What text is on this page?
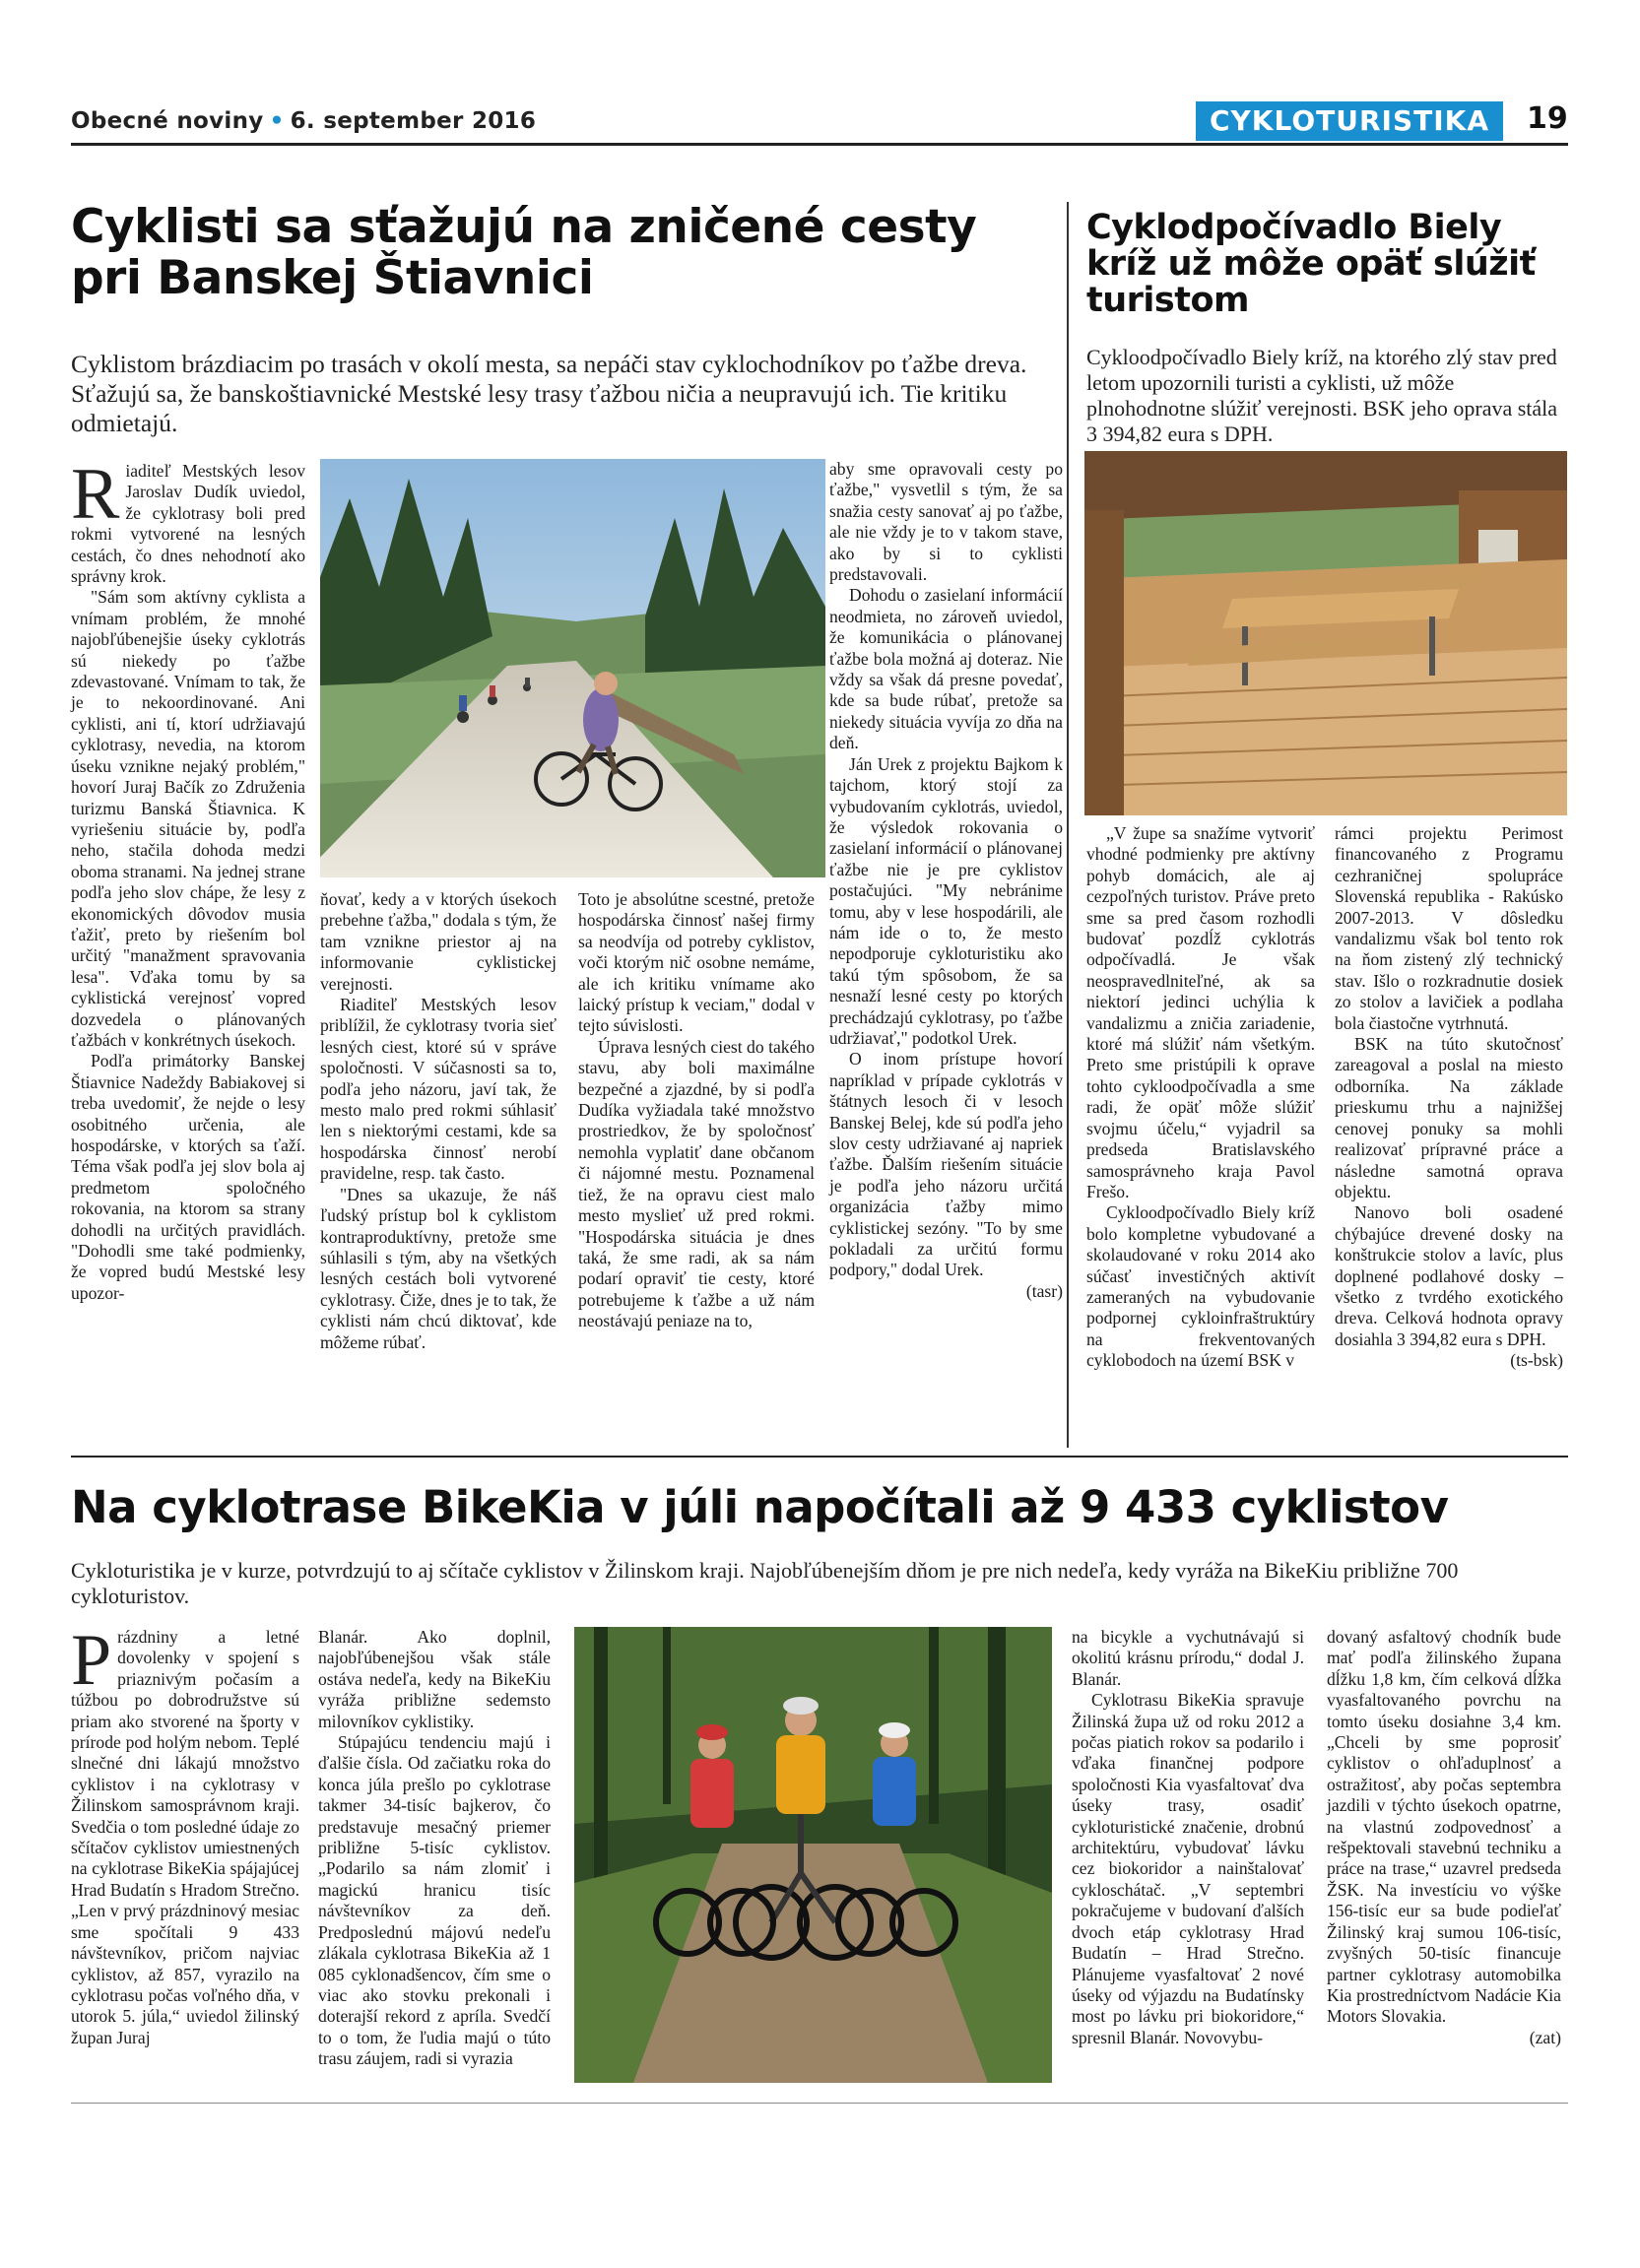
Obecné noviny • 6. september 2016	CYKLOTURISTIKA	19
Cyklisti sa sťažujú na zničené cesty
pri Banskej Štiavnici
Cyklistom brázdiacim po trasách v okolí mesta, sa nepáči stav cyklochodníkov po ťažbe dreva. Sťažujú sa, že banskoštiavnické Mestské lesy trasy ťažbou ničia a neupravujú ich. Tie kritiku odmietajú.

Riaditeľ Mestských lesov Jaroslav Dudík uviedol, že cyklotrasy boli pred rokmi vytvorené na lesných cestách, čo dnes nehodnotí ako správny krok.

"Sám som aktívny cyklista a vnímam problém, že mnohé najobľúbenejšie úseky cyklotrás sú niekedy po ťažbe zdevastované. Vnímam to tak, že je to nekoordinované. Ani cyklisti, ani tí, ktorí udržiavajú cyklotrasy, nevedia, na ktorom úseku vznikne nejaký problém," hovorí Juraj Bačík zo Združenia turizmu Banská Štiavnica. K vyriešeniu situácie by, podľa neho, stačila dohoda medzi oboma stranami. Na jednej strane podľa jeho slov chápe, že lesy z ekonomických dôvodov musia ťažiť, preto by riešením bol určitý "manažment spravovania lesa". Vďaka tomu by sa cyklistická verejnosť vopred dozvedela o plánovaných ťažbách v konkrétnych úsekoch.

Podľa primátorky Banskej Štiavnice Nadeždy Babiakovej si treba uvedomiť, že nejde o lesy osobitného určenia, ale hospodárske, v ktorých sa ťaží. Téma však podľa jej slov bola aj predmetom spoločného rokovania, na ktorom sa strany dohodli na určitých pravidlách. "Dohodli sme také podmienky, že vopred budú Mestské lesy upozor-

ňovať, kedy a v ktorých úsekoch prebehne ťažba," dodala s tým, že tam vznikne priestor aj na informovanie cyklistickej verejnosti.

Riaditeľ Mestských lesov priblížil, že cyklotrasy tvoria sieť lesných ciest, ktoré sú v správe spoločnosti. V súčasnosti sa to, podľa jeho názoru, javí tak, že mesto malo pred rokmi súhlasiť len s niektorými cestami, kde sa hospodárska činnosť nerobí pravidelne, resp. tak často.

"Dnes sa ukazuje, že náš ľudský prístup bol k cyklistom kontraproduktívny, pretože sme súhlasili s tým, aby na všetkých lesných cestách boli vytvorené cyklotrasy. Čiže, dnes je to tak, že cyklisti nám chcú diktovať, kde môžeme rúbať.

Toto je absolútne scestné, pretože hospodárska činnosť našej firmy sa neodvíja od potreby cyklistov, voči ktorým nič osobne nemáme, ale ich kritiku vnímame ako laický prístup k veciam," dodal v tejto súvislosti.

Úprava lesných ciest do takého stavu, aby boli maximálne bezpečné a zjazdné, by si podľa Dudíka vyžiadala také množstvo prostriedkov, že by spoločnosť nemohla vyplatiť dane občanom či nájomné mestu. Poznamenal tiež, že na opravu ciest malo mesto myslieť už pred rokmi. "Hospodárska situácia je dnes taká, že sme radi, ak sa nám podarí opraviť tie cesty, ktoré potrebujeme k ťažbe a už nám neostávajú peniaze na to,

aby sme opravovali cesty po ťažbe," vysvetlil s tým, že sa snažia cesty sanovať aj po ťažbe, ale nie vždy je to v takom stave, ako by si to cyklisti predstavovali.

Dohodu o zasielaní informácií neodmieta, no zároveň uviedol, že komunikácia o plánovanej ťažbe bola možná aj doteraz. Nie vždy sa však dá presne povedať, kde sa bude rúbať, pretože sa niekedy situácia vyvíja zo dňa na deň.

Ján Urek z projektu Bajkom k tajchom, ktorý stojí za vybudovaním cyklotrás, uviedol, že výsledok rokovania o zasielaní informácií o plánovanej ťažbe nie je pre cyklistov postačujúci. "My nebránime tomu, aby v lese hospodárili, ale nám ide o to, že mesto nepodporuje cykloturistiku ako takú tým spôsobom, že sa nesnaží lesné cesty po ktorých prechádzajú cyklotrasy, po ťažbe udržiavať," podotkol Urek.

O inom prístupe hovorí napríklad v prípade cyklotrás v štátnych lesoch či v lesoch Banskej Belej, kde sú podľa jeho slov cesty udržiavané aj napriek ťažbe. Ďalším riešením situácie je podľa jeho názoru určitá organizácia ťažby mimo cyklistickej sezóny. "To by sme pokladali za určitú formu podpory," dodal Urek.

(tasr)

Cyklodpočívadlo Biely
kríž už môže opäť slúžiť
turistom
Cykloodpočívadlo Biely kríž, na ktorého zlý stav pred letom upozornili turisti a cyklisti, už môže plnohodnotne slúžiť verejnosti. BSK jeho oprava stála 3 394,82 eura s DPH.

„V župe sa snažíme vytvoriť vhodné podmienky pre aktívny pohyb domácich, ale aj cezpoľných turistov. Práve preto sme sa pred časom rozhodli budovať pozdĺž cyklotrás odpočívadlá. Je však neospravedlniteľné, ak sa niektorí jedinci uchýlia k vandalizmu a zničia zariadenie, ktoré má slúžiť nám všetkým. Preto sme pristúpili k oprave tohto cykloodpočívadla a sme radi, že opäť môže slúžiť svojmu účelu,“ vyjadril sa predseda Bratislavského samosprávneho kraja Pavol Frešo.

Cykloodpočívadlo Biely kríž bolo kompletne vybudované a skolaudované v roku 2014 ako súčasť investičných aktivít zameraných na vybudovanie podpornej cykloinfraštruktúry na frekventovaných cyklobodoch na území BSK v

rámci projektu Perimost financovaného z Programu cezhraničnej spolupráce Slovenská republika - Rakúsko 2007-2013. V dôsledku vandalizmu však bol tento rok na ňom zistený zlý technický stav. Išlo o rozkradnutie dosiek zo stolov a lavičiek a podlaha bola čiastočne vytrhnutá.

BSK na túto skutočnosť zareagoval a poslal na miesto odborníka. Na základe prieskumu trhu a najnižšej cenovej ponuky sa mohli realizovať prípravné práce a následne samotná oprava objektu.

Nanovo boli osadené chýbajúce drevené dosky na konštrukcie stolov a lavíc, plus doplnené podlahové dosky – všetko z tvrdého exotického dreva. Celková hodnota opravy dosiahla 3 394,82 eura s DPH.

(ts-bsk)

Na cyklotrase BikeKia v júli napočítali až 9 433 cyklistov
Cykloturistika je v kurze, potvrdzujú to aj sčítače cyklistov v Žilinskom kraji. Najobľúbenejším dňom je pre nich nedeľa, kedy vyráža na BikeKiu približne 700 cykloturistov.

Prázdniny a letné dovolenky v spojení s priaznivým počasím a túžbou po dobrodružstve sú priam ako stvorené na športy v prírode pod holým nebom. Teplé slnečné dni lákajú množstvo cyklistov i na cyklotrasy v Žilinskom samosprávnom kraji. Svedčia o tom posledné údaje zo sčítačov cyklistov umiestnených na cyklotrase BikeKia spájajúcej Hrad Budatín s Hradom Strečno. „Len v prvý prázdninový mesiac sme spočítali 9 433 návštevníkov, pričom najviac cyklistov, až 857, vyrazilo na cyklotrasu počas voľného dňa, v utorok 5. júla,“ uviedol žilinský župan Juraj

Blanár. Ako doplnil, najobľúbenejšou však stále ostáva nedeľa, kedy na BikeKiu vyráža približne sedemsto milovníkov cyklistiky.

Stúpajúcu tendenciu majú i ďalšie čísla. Od začiatku roka do konca júla prešlo po cyklotrase takmer 34-tisíc bajkerov, čo predstavuje mesačný priemer približne 5-tisíc cyklistov. „Podarilo sa nám zlomiť i magickú hranicu tisíc návštevníkov za deň. Predposlednú májovú nedeľu zlákala cyklotrasa BikeKia až 1 085 cyklonadšencov, čím sme o viac ako stovku prekonali i doterajší rekord z apríla. Svedčí to o tom, že ľudia majú o túto trasu záujem, radi si vyrazia

na bicykle a vychutnávajú si okolitú krásnu prírodu,“ dodal J. Blanár.

Cyklotrasu BikeKia spravuje Žilinská župa už od roku 2012 a počas piatich rokov sa podarilo i vďaka finančnej podpore spoločnosti Kia vyasfaltovať dva úseky trasy, osadiť cykloturistické značenie, drobnú architektúru, vybudovať lávku cez biokoridor a nainštalovať cykloschátač. „V septembri pokračujeme v budovaní ďalších dvoch etáp cyklotrasy Hrad Budatín – Hrad Strečno. Plánujeme vyasfaltovať 2 nové úseky od výjazdu na Budatínsky most po lávku pri biokoridore,“ spresnil Blanár. Novovybu-

dovaný asfaltový chodník bude mať podľa žilinského župana dĺžku 1,8 km, čím celková dĺžka vyasfaltovaného povrchu na tomto úseku dosiahne 3,4 km. „Chceli by sme poprosiť cyklistov o ohľaduplnosť a ostražitosť, aby počas septembra jazdili v týchto úsekoch opatrne, na vlastnú zodpovednosť a rešpektovali stavebnú techniku a práce na trase,“ uzavrel predseda ŽSK. Na investíciu vo výške 156-tisíc eur sa bude podieľať Žilinský kraj sumou 106-tisíc, zvyšných 50-tisíc financuje partner cyklotrasy automobilka Kia prostredníctvom Nadácie Kia Motors Slovakia.

(zat)
